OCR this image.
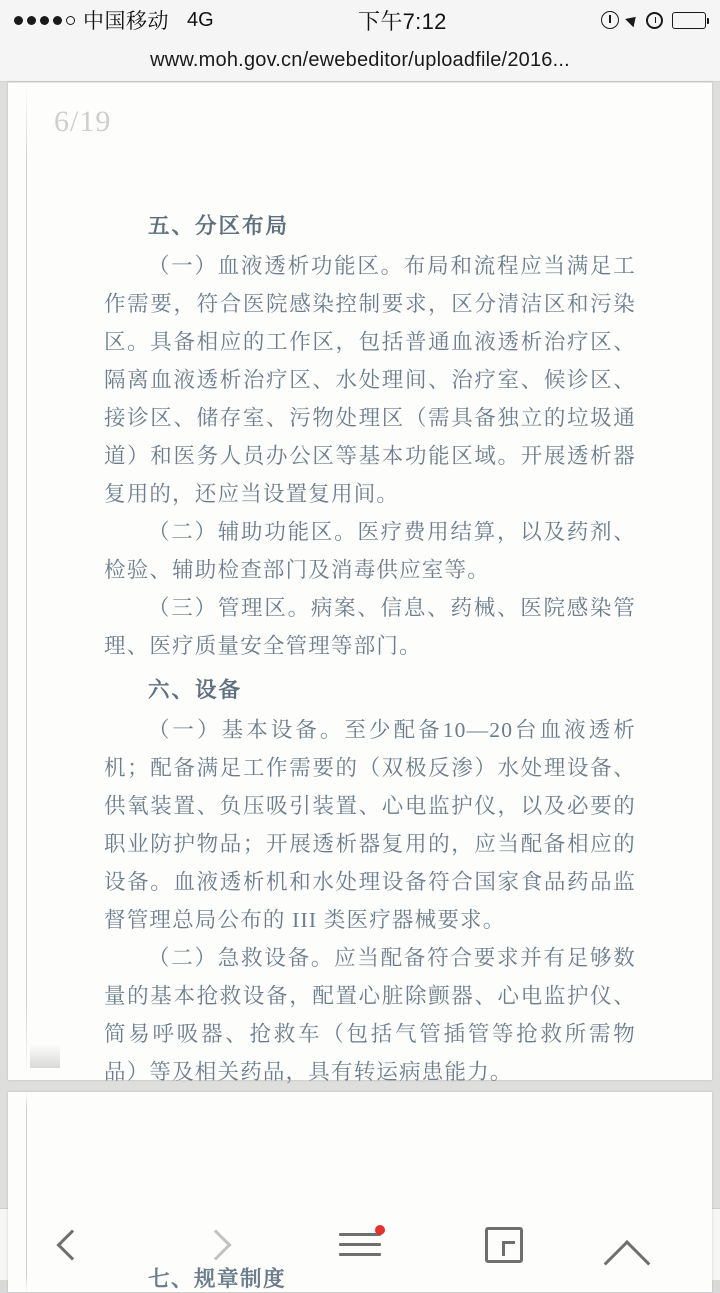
中国移动 4G	下午7:12
www.moh.gov.cn/ewebeditor/uploadfile/2016...
6/19
五、分区布局
（一）血液透析功能区。布局和流程应当满足工作需要，符合医院感染控制要求，区分清洁区和污染区。具备相应的工作区，包括普通血液透析治疗区、隔离血液透析治疗区、水处理间、治疗室、候诊区、接诊区、储存室、污物处理区（需具备独立的垃圾通道）和医务人员办公区等基本功能区域。开展透析器复用的，还应当设置复用间。
（二）辅助功能区。医疗费用结算，以及药剂、检验、辅助检查部门及消毒供应室等。
（三）管理区。病案、信息、药械、医院感染管理、医疗质量安全管理等部门。
六、设备
（一）基本设备。至少配备10—20台血液透析机；配备满足工作需要的（双极反渗）水处理设备、供氧装置、负压吸引装置、心电监护仪，以及必要的职业防护物品；开展透析器复用的，应当配备相应的设备。血液透析机和水处理设备符合国家食品药品监督管理总局公布的 III 类医疗器械要求。
（二）急救设备。应当配备符合要求并有足够数量的基本抢救设备，配置心脏除颤器、心电监护仪、简易呼吸器、抢救车（包括气管插管等抢救所需物品）等及相关药品，具有转运病患能力。
七、规章制度
